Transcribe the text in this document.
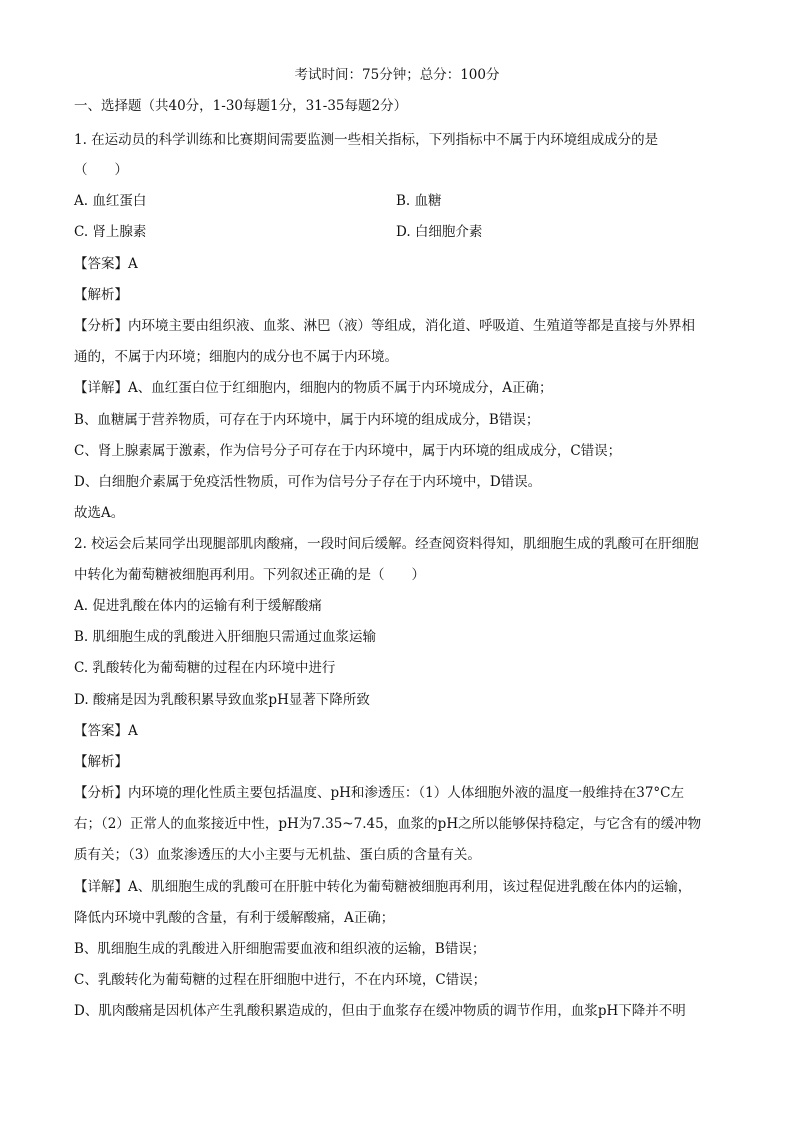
考试时间：75分钟；总分：100分
一、选择题（共40分，1-30每题1分，31-35每题2分）
1. 在运动员的科学训练和比赛期间需要监测一些相关指标，下列指标中不属于内环境组成成分的是
（　　）
A. 血红蛋白	B. 血糖
C. 肾上腺素	D. 白细胞介素
【答案】A
【解析】
【分析】内环境主要由组织液、血浆、淋巴（液）等组成，消化道、呼吸道、生殖道等都是直接与外界相
通的，不属于内环境；细胞内的成分也不属于内环境。
【详解】A、血红蛋白位于红细胞内，细胞内的物质不属于内环境成分，A正确；
B、血糖属于营养物质，可存在于内环境中，属于内环境的组成成分，B错误；
C、肾上腺素属于激素，作为信号分子可存在于内环境中，属于内环境的组成成分，C错误；
D、白细胞介素属于免疫活性物质，可作为信号分子存在于内环境中，D错误。
故选A。
2. 校运会后某同学出现腿部肌肉酸痛，一段时间后缓解。经查阅资料得知，肌细胞生成的乳酸可在肝细胞
中转化为葡萄糖被细胞再利用。下列叙述正确的是（　　）
A. 促进乳酸在体内的运输有利于缓解酸痛
B. 肌细胞生成的乳酸进入肝细胞只需通过血浆运输
C. 乳酸转化为葡萄糖的过程在内环境中进行
D. 酸痛是因为乳酸积累导致血浆pH显著下降所致
【答案】A
【解析】
【分析】内环境的理化性质主要包括温度、pH和渗透压：（1）人体细胞外液的温度一般维持在37°C左
右；（2）正常人的血浆接近中性，pH为7.35~7.45，血浆的pH之所以能够保持稳定，与它含有的缓冲物
质有关；（3）血浆渗透压的大小主要与无机盐、蛋白质的含量有关。
【详解】A、肌细胞生成的乳酸可在肝脏中转化为葡萄糖被细胞再利用，该过程促进乳酸在体内的运输，
降低内环境中乳酸的含量，有利于缓解酸痛，A正确；
B、肌细胞生成的乳酸进入肝细胞需要血液和组织液的运输，B错误；
C、乳酸转化为葡萄糖的过程在肝细胞中进行，不在内环境，C错误；
D、肌肉酸痛是因机体产生乳酸积累造成的，但由于血浆存在缓冲物质的调节作用，血浆pH下降并不明
